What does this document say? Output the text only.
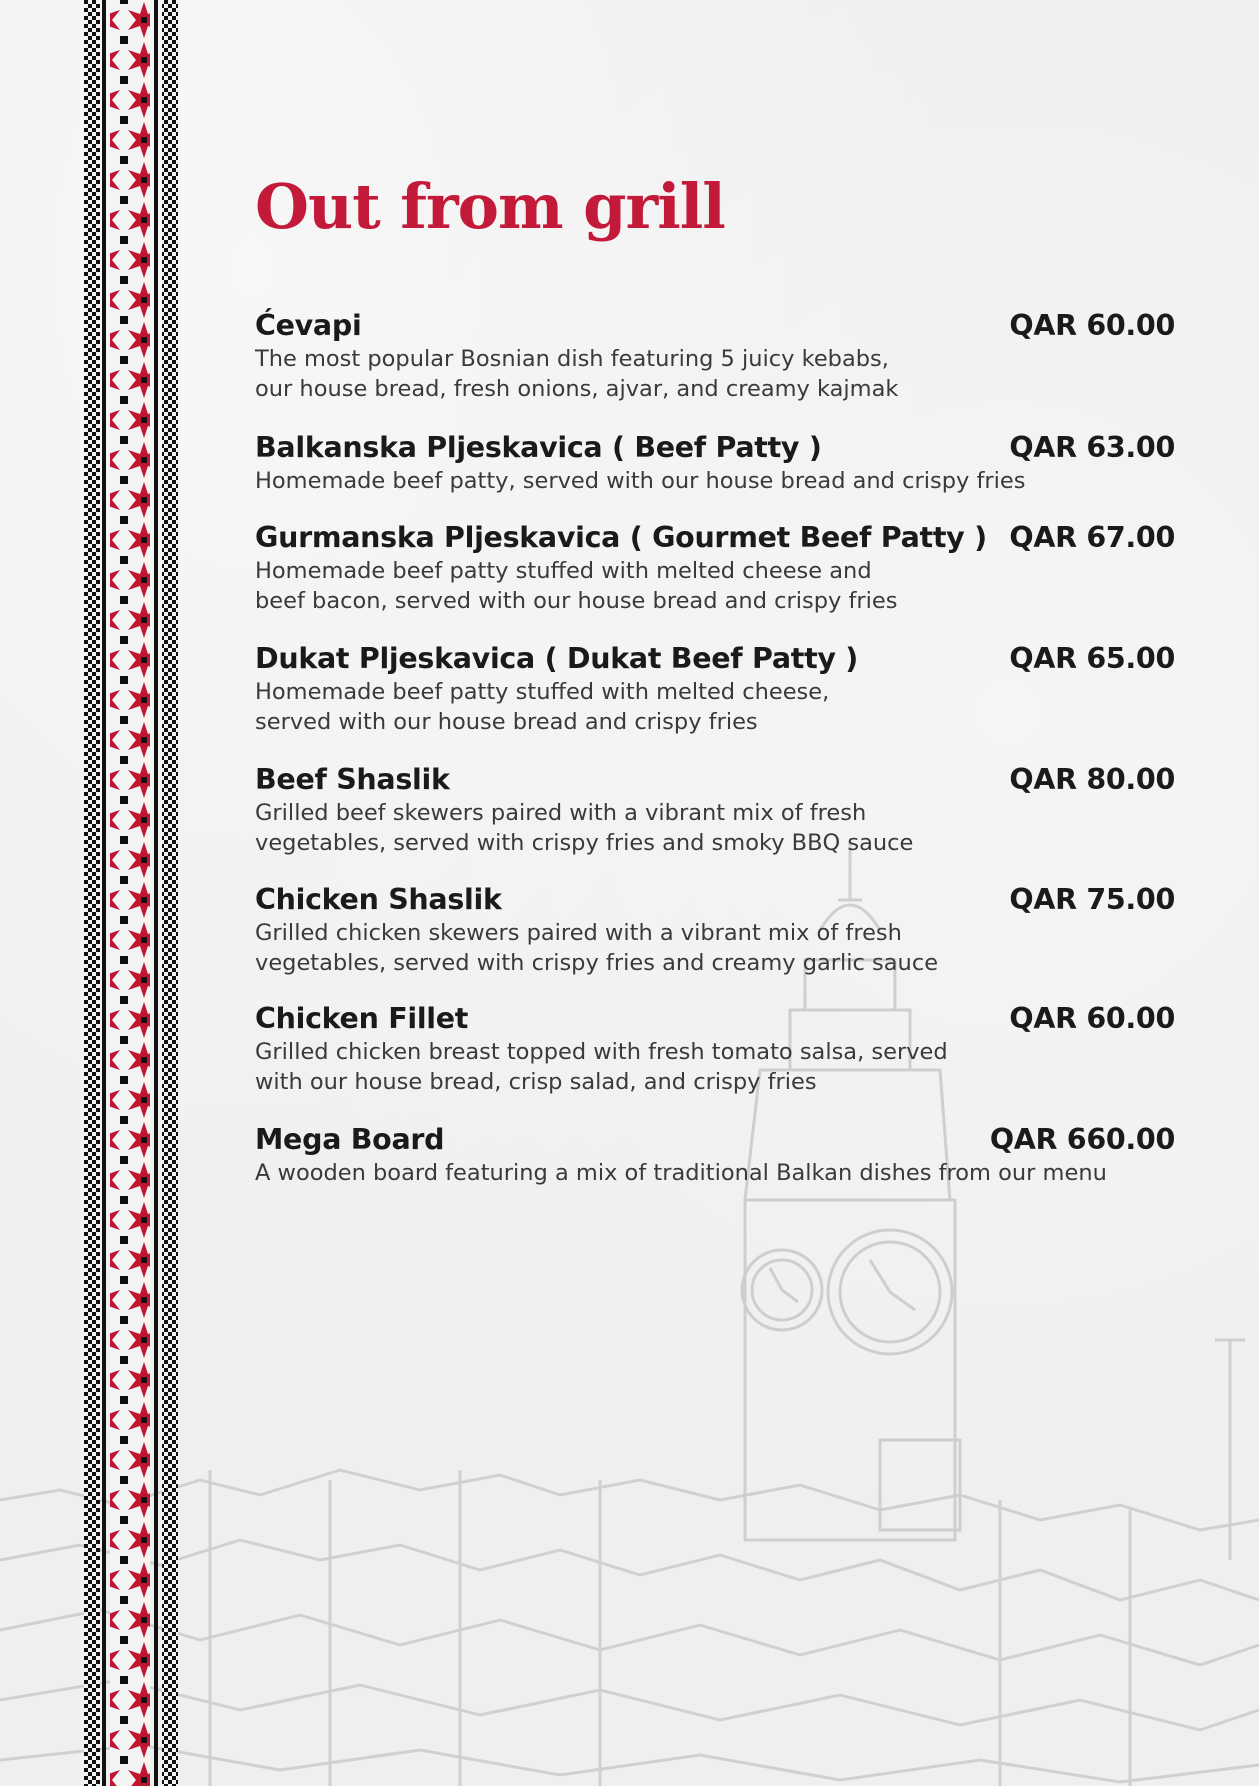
Out from grill
Ćevapi	QAR 60.00

The most popular Bosnian dish featuring 5 juicy kebabs,
our house bread, fresh onions, ajvar, and creamy kajmak

Balkanska Pljeskavica ( Beef Patty )	QAR 63.00

Homemade beef patty, served with our house bread and crispy fries

Gurmanska Pljeskavica ( Gourmet Beef Patty ) QAR 67.00

Homemade beef patty stuffed with melted cheese and
beef bacon, served with our house bread and crispy fries

Dukat Pljeskavica ( Dukat Beef Patty )	QAR 65.00

Homemade beef patty stuffed with melted cheese,
served with our house bread and crispy fries

Beef Shaslik	QAR 80.00

Grilled beef skewers paired with a vibrant mix of fresh
vegetables, served with crispy fries and smoky BBQ sauce

Chicken Shaslik	QAR 75.00

Grilled chicken skewers paired with a vibrant mix of fresh
vegetables, served with crispy fries and creamy garlic sauce

Chicken Fillet	QAR 60.00

Grilled chicken breast topped with fresh tomato salsa, served
with our house bread, crisp salad, and crispy fries

Mega Board	QAR 660.00

A wooden board featuring a mix of traditional Balkan dishes from our menu
